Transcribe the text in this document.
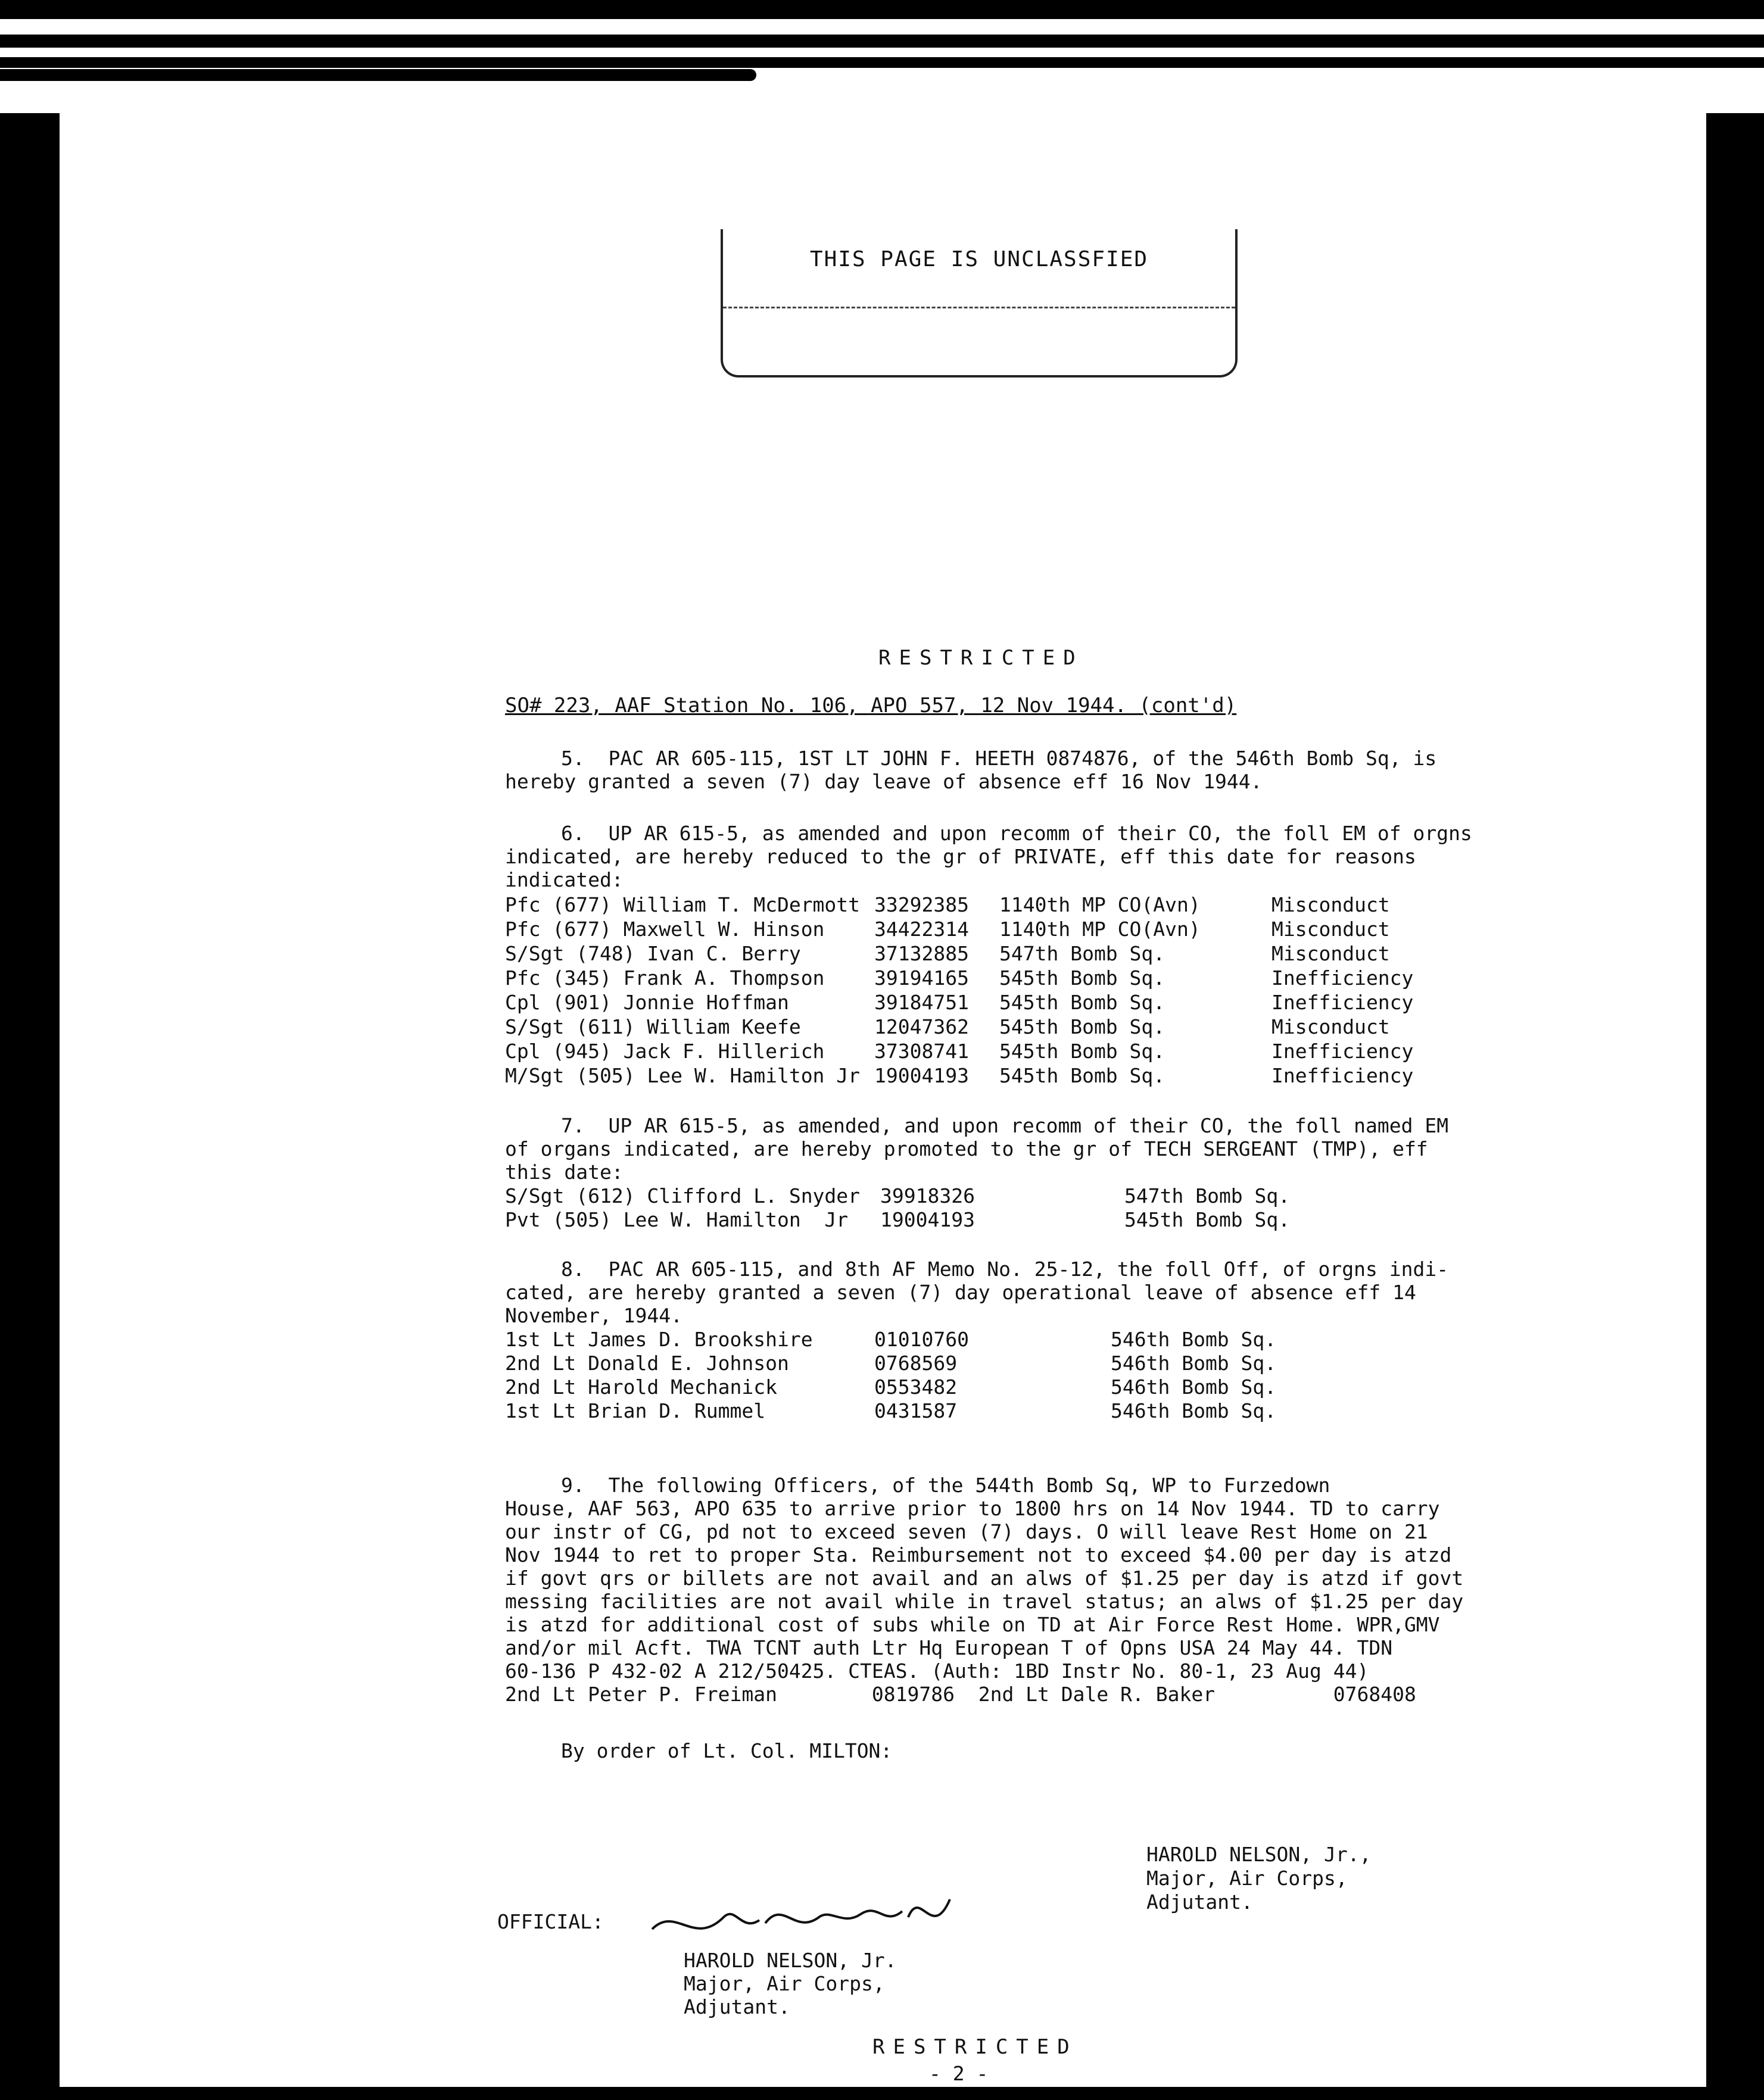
THIS PAGE IS UNCLASSFIED
RESTRICTED
SO# 223, AAF Station No. 106, APO 557, 12 Nov 1944. (cont'd)
5.  PAC AR 605-115, 1ST LT JOHN F. HEETH 0874876, of the 546th Bomb Sq, is
hereby granted a seven (7) day leave of absence eff 16 Nov 1944.
6.  UP AR 615-5, as amended and upon recomm of their CO, the foll EM of orgns
indicated, are hereby reduced to the gr of PRIVATE, eff this date for reasons
indicated:
Pfc (677) William T. McDermott 33292385 1140th MP CO(Avn)	Misconduct
Pfc (677) Maxwell W. Hinson	34422314 1140th MP CO(Avn)	Misconduct
S/Sgt (748) Ivan C. Berry	37132885 547th Bomb Sq.	Misconduct
Pfc (345) Frank A. Thompson	39194165 545th Bomb Sq.	Inefficiency
Cpl (901) Jonnie Hoffman	39184751 545th Bomb Sq.	Inefficiency
S/Sgt (611) William Keefe	12047362 545th Bomb Sq.	Misconduct
Cpl (945) Jack F. Hillerich	37308741 545th Bomb Sq.	Inefficiency
M/Sgt (505) Lee W. Hamilton Jr 19004193 545th Bomb Sq.	Inefficiency
7.  UP AR 615-5, as amended, and upon recomm of their CO, the foll named EM
of organs indicated, are hereby promoted to the gr of TECH SERGEANT (TMP), eff
this date:
S/Sgt (612) Clifford L. Snyder 39918326	547th Bomb Sq.
Pvt (505) Lee W. Hamilton  Jr 19004193	545th Bomb Sq.
8.  PAC AR 605-115, and 8th AF Memo No. 25-12, the foll Off, of orgns indi-
cated, are hereby granted a seven (7) day operational leave of absence eff 14
November, 1944.
1st Lt James D. Brookshire	01010760	546th Bomb Sq.
2nd Lt Donald E. Johnson	0768569	546th Bomb Sq.
2nd Lt Harold Mechanick	0553482	546th Bomb Sq.
1st Lt Brian D. Rummel	0431587	546th Bomb Sq.
9.  The following Officers, of the 544th Bomb Sq, WP to Furzedown
House, AAF 563, APO 635 to arrive prior to 1800 hrs on 14 Nov 1944. TD to carry
our instr of CG, pd not to exceed seven (7) days. O will leave Rest Home on 21
Nov 1944 to ret to proper Sta. Reimbursement not to exceed $4.00 per day is atzd
if govt qrs or billets are not avail and an alws of $1.25 per day is atzd if govt
messing facilities are not avail while in travel status; an alws of $1.25 per day
is atzd for additional cost of subs while on TD at Air Force Rest Home. WPR,GMV
and/or mil Acft. TWA TCNT auth Ltr Hq European T of Opns USA 24 May 44. TDN
60-136 P 432-02 A 212/50425. CTEAS. (Auth: 1BD Instr No. 80-1, 23 Aug 44)
2nd Lt Peter P. Freiman        0819786  2nd Lt Dale R. Baker          0768408
By order of Lt. Col. MILTON:
HAROLD NELSON, Jr.,
Major, Air Corps,
Adjutant.
OFFICIAL:
HAROLD NELSON, Jr.
Major, Air Corps,
Adjutant.
RESTRICTED
- 2 -
